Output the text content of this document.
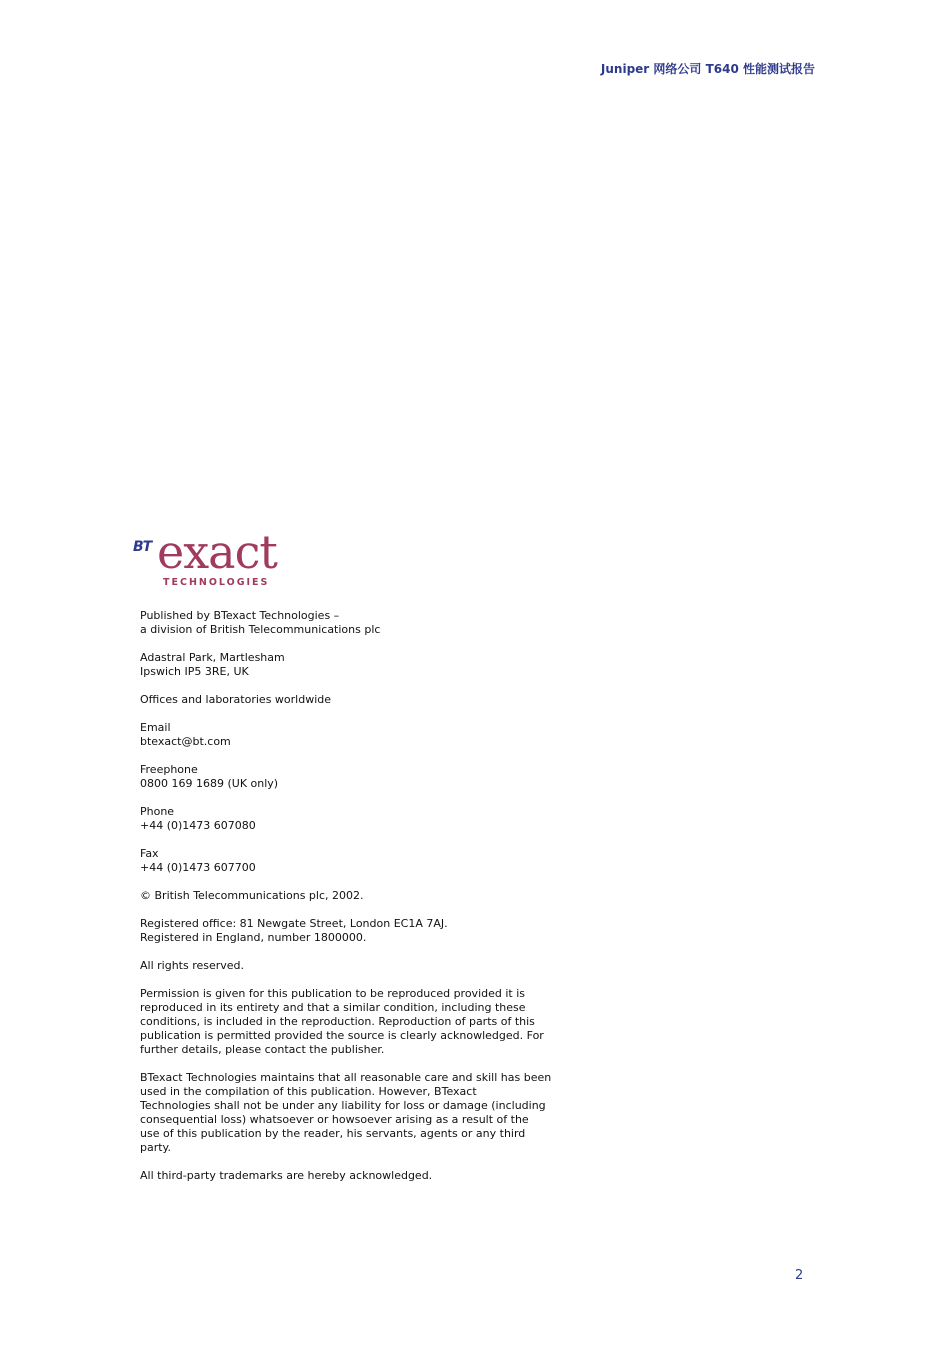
Juniper 网络公司 T640 性能测试报告
BT exact
TECHNOLOGIES

Published by BTexact Technologies –
a division of British Telecommunications plc

Adastral Park, Martlesham
Ipswich IP5 3RE, UK

Offices and laboratories worldwide

Email
btexact@bt.com

Freephone
0800 169 1689 (UK only)

Phone
+44 (0)1473 607080

Fax
+44 (0)1473 607700

© British Telecommunications plc, 2002.

Registered office: 81 Newgate Street, London EC1A 7AJ.
Registered in England, number 1800000.

All rights reserved.

Permission is given for this publication to be reproduced provided it is
reproduced in its entirety and that a similar condition, including these
conditions, is included in the reproduction. Reproduction of parts of this
publication is permitted provided the source is clearly acknowledged. For
further details, please contact the publisher.

BTexact Technologies maintains that all reasonable care and skill has been
used in the compilation of this publication. However, BTexact
Technologies shall not be under any liability for loss or damage (including
consequential loss) whatsoever or howsoever arising as a result of the
use of this publication by the reader, his servants, agents or any third
party.

All third-party trademarks are hereby acknowledged.

2
